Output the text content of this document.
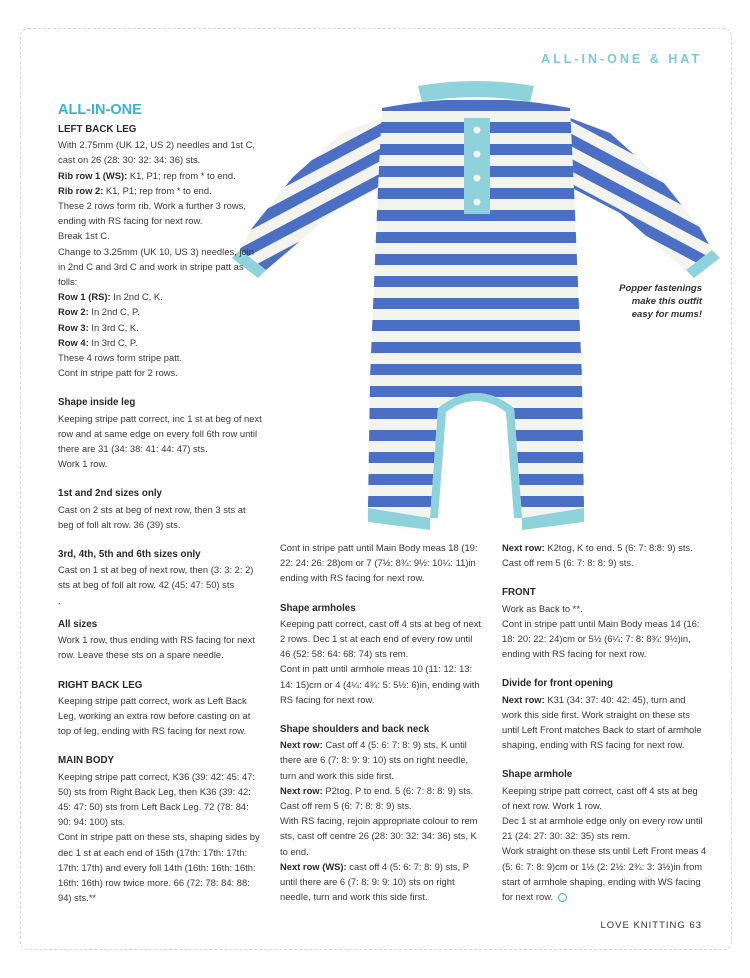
ALL-IN-ONE & HAT
Popper fastenings
make this outfit
easy for mums!
ALL-IN-ONE

LEFT BACK LEG

With 2.75mm (UK 12, US 2) needles and 1st C, cast on 26 (28: 30: 32: 34: 36) sts.

Rib row 1 (WS): K1, P1; rep from * to end.

Rib row 2: K1, P1; rep from * to end.

These 2 rows form rib. Work a further 3 rows, ending with RS facing for next row.

Break 1st C.

Change to 3.25mm (UK 10, US 3) needles, join in 2nd C and 3rd C and work in stripe patt as folls:

Row 1 (RS): In 2nd C, K.

Row 2: In 2nd C, P.

Row 3: In 3rd C, K.

Row 4: In 3rd C, P.

These 4 rows form stripe patt.

Cont in stripe patt for 2 rows.

Shape inside leg

Keeping stripe patt correct, inc 1 st at beg of next row and at same edge on every foll 6th row until there are 31 (34: 38: 41: 44: 47) sts.

Work 1 row.

1st and 2nd sizes only

Cast on 2 sts at beg of next row, then 3 sts at beg of foll alt row. 36 (39) sts.

3rd, 4th, 5th and 6th sizes only

Cast on 1 st at beg of next row, then (3: 3: 2: 2) sts at beg of foll alt row. 42 (45: 47: 50) sts

.

All sizes

Work 1 row, thus ending with RS facing for next row. Leave these sts on a spare needle.

RIGHT BACK LEG

Keeping stripe patt correct, work as Left Back Leg, working an extra row before casting on at top of leg, ending with RS facing for next row.

MAIN BODY

Keeping stripe patt correct, K36 (39: 42: 45: 47: 50) sts from Right Back Leg, then K36 (39: 42: 45: 47: 50) sts from Left Back Leg. 72 (78: 84: 90: 94: 100) sts.

Cont in stripe patt on these sts, shaping sides by dec 1 st at each end of 15th (17th: 17th: 17th: 17th: 17th) and every foll 14th (16th: 16th: 16th: 16th: 16th) row twice more. 66 (72: 78: 84: 88: 94) sts.**

Cont in stripe patt until Main Body meas 18 (19: 22: 24: 26: 28)cm or 7 (7½: 8¾: 9½: 10¼: 11)in ending with RS facing for next row.

Shape armholes

Keeping patt correct, cast off 4 sts at beg of next 2 rows. Dec 1 st at each end of every row until 46 (52: 58: 64: 68: 74) sts rem.

Cont in patt until armhole meas 10 (11: 12: 13: 14: 15)cm or 4 (4¼: 4¾: 5: 5½: 6)in, ending with RS facing for next row.

Shape shoulders and back neck

Next row: Cast off 4 (5: 6: 7: 8: 9) sts, K until there are 6 (7: 8: 9: 9: 10) sts on right needle, turn and work this side first.

Next row: P2tog, P to end. 5 (6: 7: 8: 8: 9) sts.

Cast off rem 5 (6: 7: 8: 8: 9) sts.

With RS facing, rejoin appropriate colour to rem sts, cast off centre 26 (28: 30: 32: 34: 36) sts, K to end.

Next row (WS): cast off 4 (5: 6: 7: 8: 9) sts, P until there are 6 (7: 8: 9: 9: 10) sts on right needle, turn and work this side first.

Next row: K2tog, K to end. 5 (6: 7: 8:8: 9) sts.

Cast off rem 5 (6: 7: 8: 8: 9) sts.

FRONT

Work as Back to **.

Cont in stripe patt until Main Body meas 14 (16: 18: 20: 22: 24)cm or 5½ (6¼: 7: 8: 8¾: 9½)in, ending with RS facing for next row.

Divide for front opening

Next row: K31 (34: 37: 40: 42: 45), turn and work this side first. Work straight on these sts until Left Front matches Back to start of armhole shaping, ending with RS facing for next row.

Shape armhole

Keeping stripe patt correct, cast off 4 sts at beg of next row. Work 1 row.

Dec 1 st at armhole edge only on every row until 21 (24: 27: 30: 32: 35) sts rem.

Work straight on these sts until Left Front meas 4 (5: 6: 7: 8: 9)cm or 1½ (2: 2½: 2¾: 3: 3½)in from start of armhole shaping, ending with WS facing for next row.

LOVE KNITTING 63
